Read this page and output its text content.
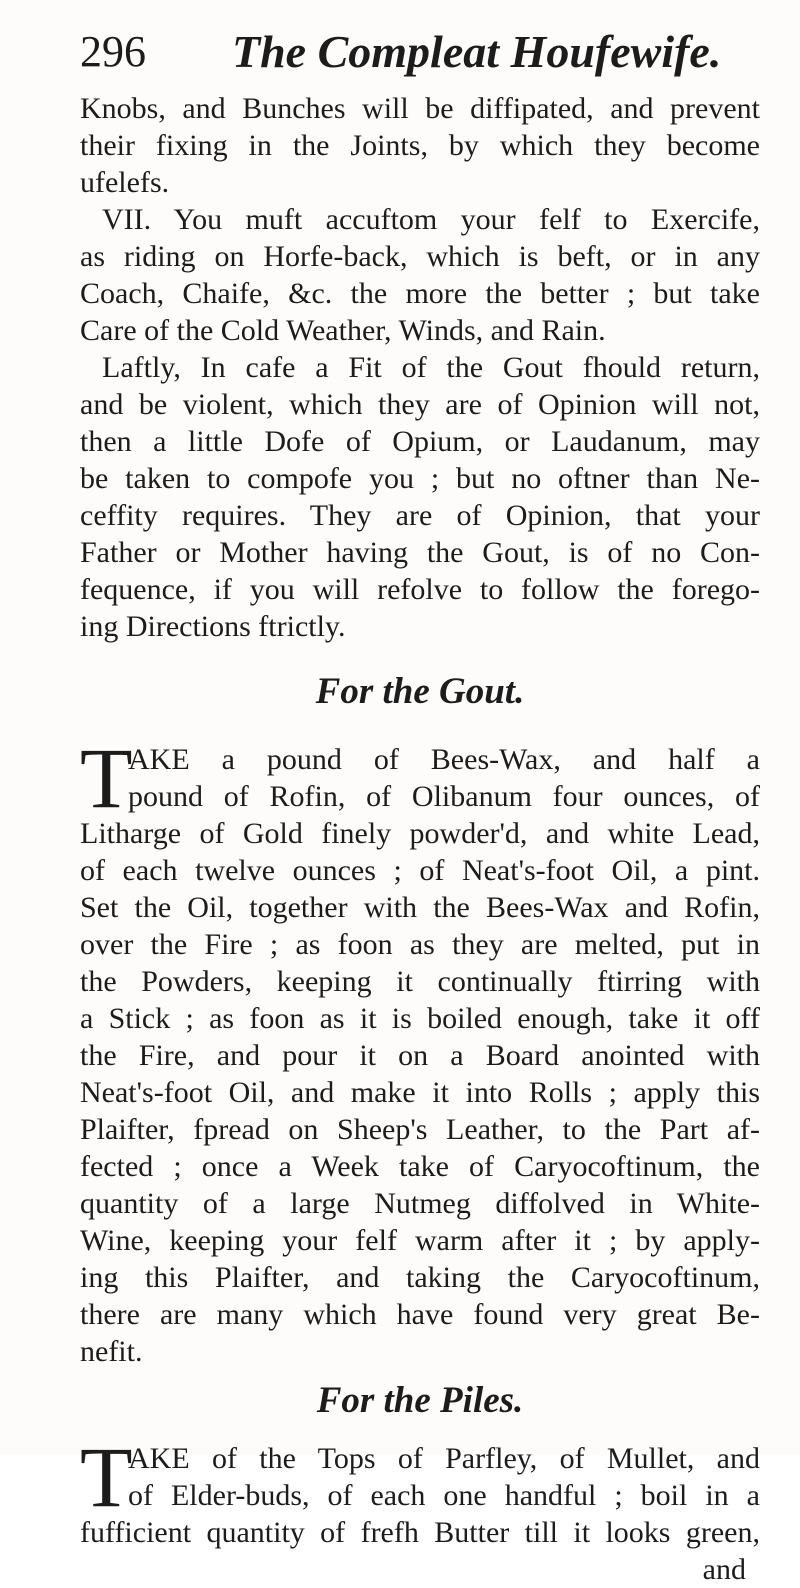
296 The Compleat Houfewife.
Knobs, and Bunches will be diffipated, and prevent
their fixing in the Joints, by which they become
ufelefs.
VII. You muft accuftom your felf to Exercife,
as riding on Horfe-back, which is beft, or in any
Coach, Chaife, &c. the more the better ; but take
Care of the Cold Weather, Winds, and Rain.
Laftly, In cafe a Fit of the Gout fhould return,
and be violent, which they are of Opinion will not,
then a little Dofe of Opium, or Laudanum, may
be taken to compofe you ; but no oftner than Ne-
ceffity requires. They are of Opinion, that your
Father or Mother having the Gout, is of no Con-
fequence, if you will refolve to follow the forego-
ing Directions ftrictly.
For the Gout.
T
AKE a pound of Bees-Wax, and half a
pound of Rofin, of Olibanum four ounces, of
Litharge of Gold finely powder'd, and white Lead,
of each twelve ounces ; of Neat's-foot Oil, a pint.
Set the Oil, together with the Bees-Wax and Rofin,
over the Fire ; as foon as they are melted, put in
the Powders, keeping it continually ftirring with
a Stick ; as foon as it is boiled enough, take it off
the Fire, and pour it on a Board anointed with
Neat's-foot Oil, and make it into Rolls ; apply this
Plaifter, fpread on Sheep's Leather, to the Part af-
fected ; once a Week take of Caryocoftinum, the
quantity of a large Nutmeg diffolved in White-
Wine, keeping your felf warm after it ; by apply-
ing this Plaifter, and taking the Caryocoftinum,
there are many which have found very great Be-
nefit.
For the Piles.
T
AKE of the Tops of Parfley, of Mullet, and
of Elder-buds, of each one handful ; boil in a
fufficient quantity of frefh Butter till it looks green,
and
